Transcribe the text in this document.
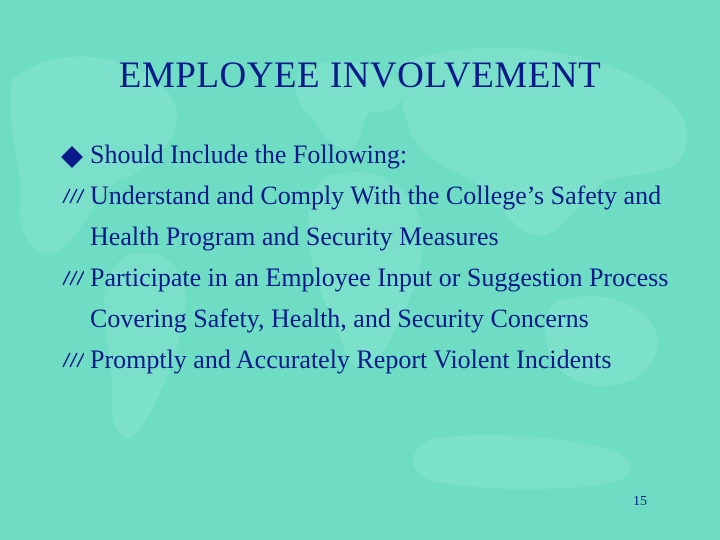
EMPLOYEE INVOLVEMENT
Should Include the Following:
Understand and Comply With the College’s Safety and Health Program and Security Measures
Participate in an Employee Input or Suggestion Process Covering Safety, Health, and Security Concerns
Promptly and Accurately Report Violent Incidents
15
